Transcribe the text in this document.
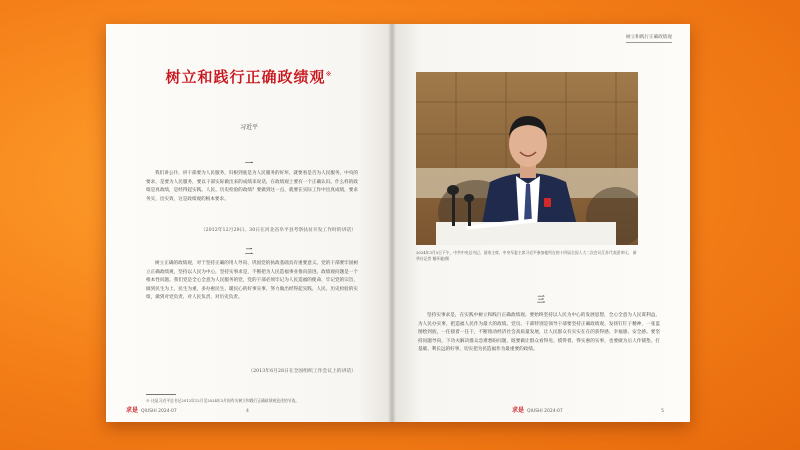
树立和践行正确政绩观※
习近平
一

我们讲公仆，讲干部要为人民服务，归根到底是为人民服务的好坏，就要看是否为人民服务，中央的要求，是要为人民服务，要以干部实际做出来的成绩来说话，在政绩观上要有一个正确认识。什么样的政绩是真政绩，是经得起实践、人民、历史检验的政绩？要做到这一点，就要在实际工作中出真成绩，要求务实，出实效，这是政绩观的根本要求。

（2012年12月29日、30日在河北省阜平县考察扶贫开发工作时的讲话）
二

树立正确的政绩观，对于坚持正确的用人导向、巩固党的执政基础具有重要意义。党的干部要牢固树立正确政绩观，坚持以人民为中心，坚持实事求是，不断把为人民造福事业推向前进。政绩观问题是一个根本性问题。我们党是全心全意为人民服务的党，党的干部必须牢记为人民造福的使命，牢记党的宗旨，做到民生为上、民生为重，多办惠民生、暖民心的好事实事，努力做出经得起实践、人民、历史检验的实绩，做到对党负责、对人民负责、对历史负责。

（2013年6月28日在全国组织工作会议上的讲话）
※ 这是习近平总书记2012年12月至2024年3月间有关树立和践行正确政绩观论述的节选。
求是 QIUSHI 2024·07	4
树立和践行正确政绩观
2024年3月5日下午，中共中央总书记、国家主席、中央军委主席习近平参加他所在的十四届全国人大二次会议江苏代表团审议。 新华社记者 谢环驰/摄
三

坚持实事求是，在实践中树立和践行正确政绩观。要始终坚持以人民为中心的发展思想，全心全意为人民谋利益，为人民办实事，把造福人民作为最大的政绩。党员、干部特别是领导干部要坚持正确政绩观，发扬钉钉子精神，一张蓝图绘到底，一任接着一任干，不断推动经济社会高质量发展，让人民群众有实实在在的获得感、幸福感、安全感。要坚持问题导向，下功夫解决群众急难愁盼问题，既要做让群众看得见、摸得着、得实惠的实事，也要做为后人作铺垫、打基础、利长远的好事，切实把为民造福作为最重要的政绩。

求是 QIUSHI 2024·07	5
